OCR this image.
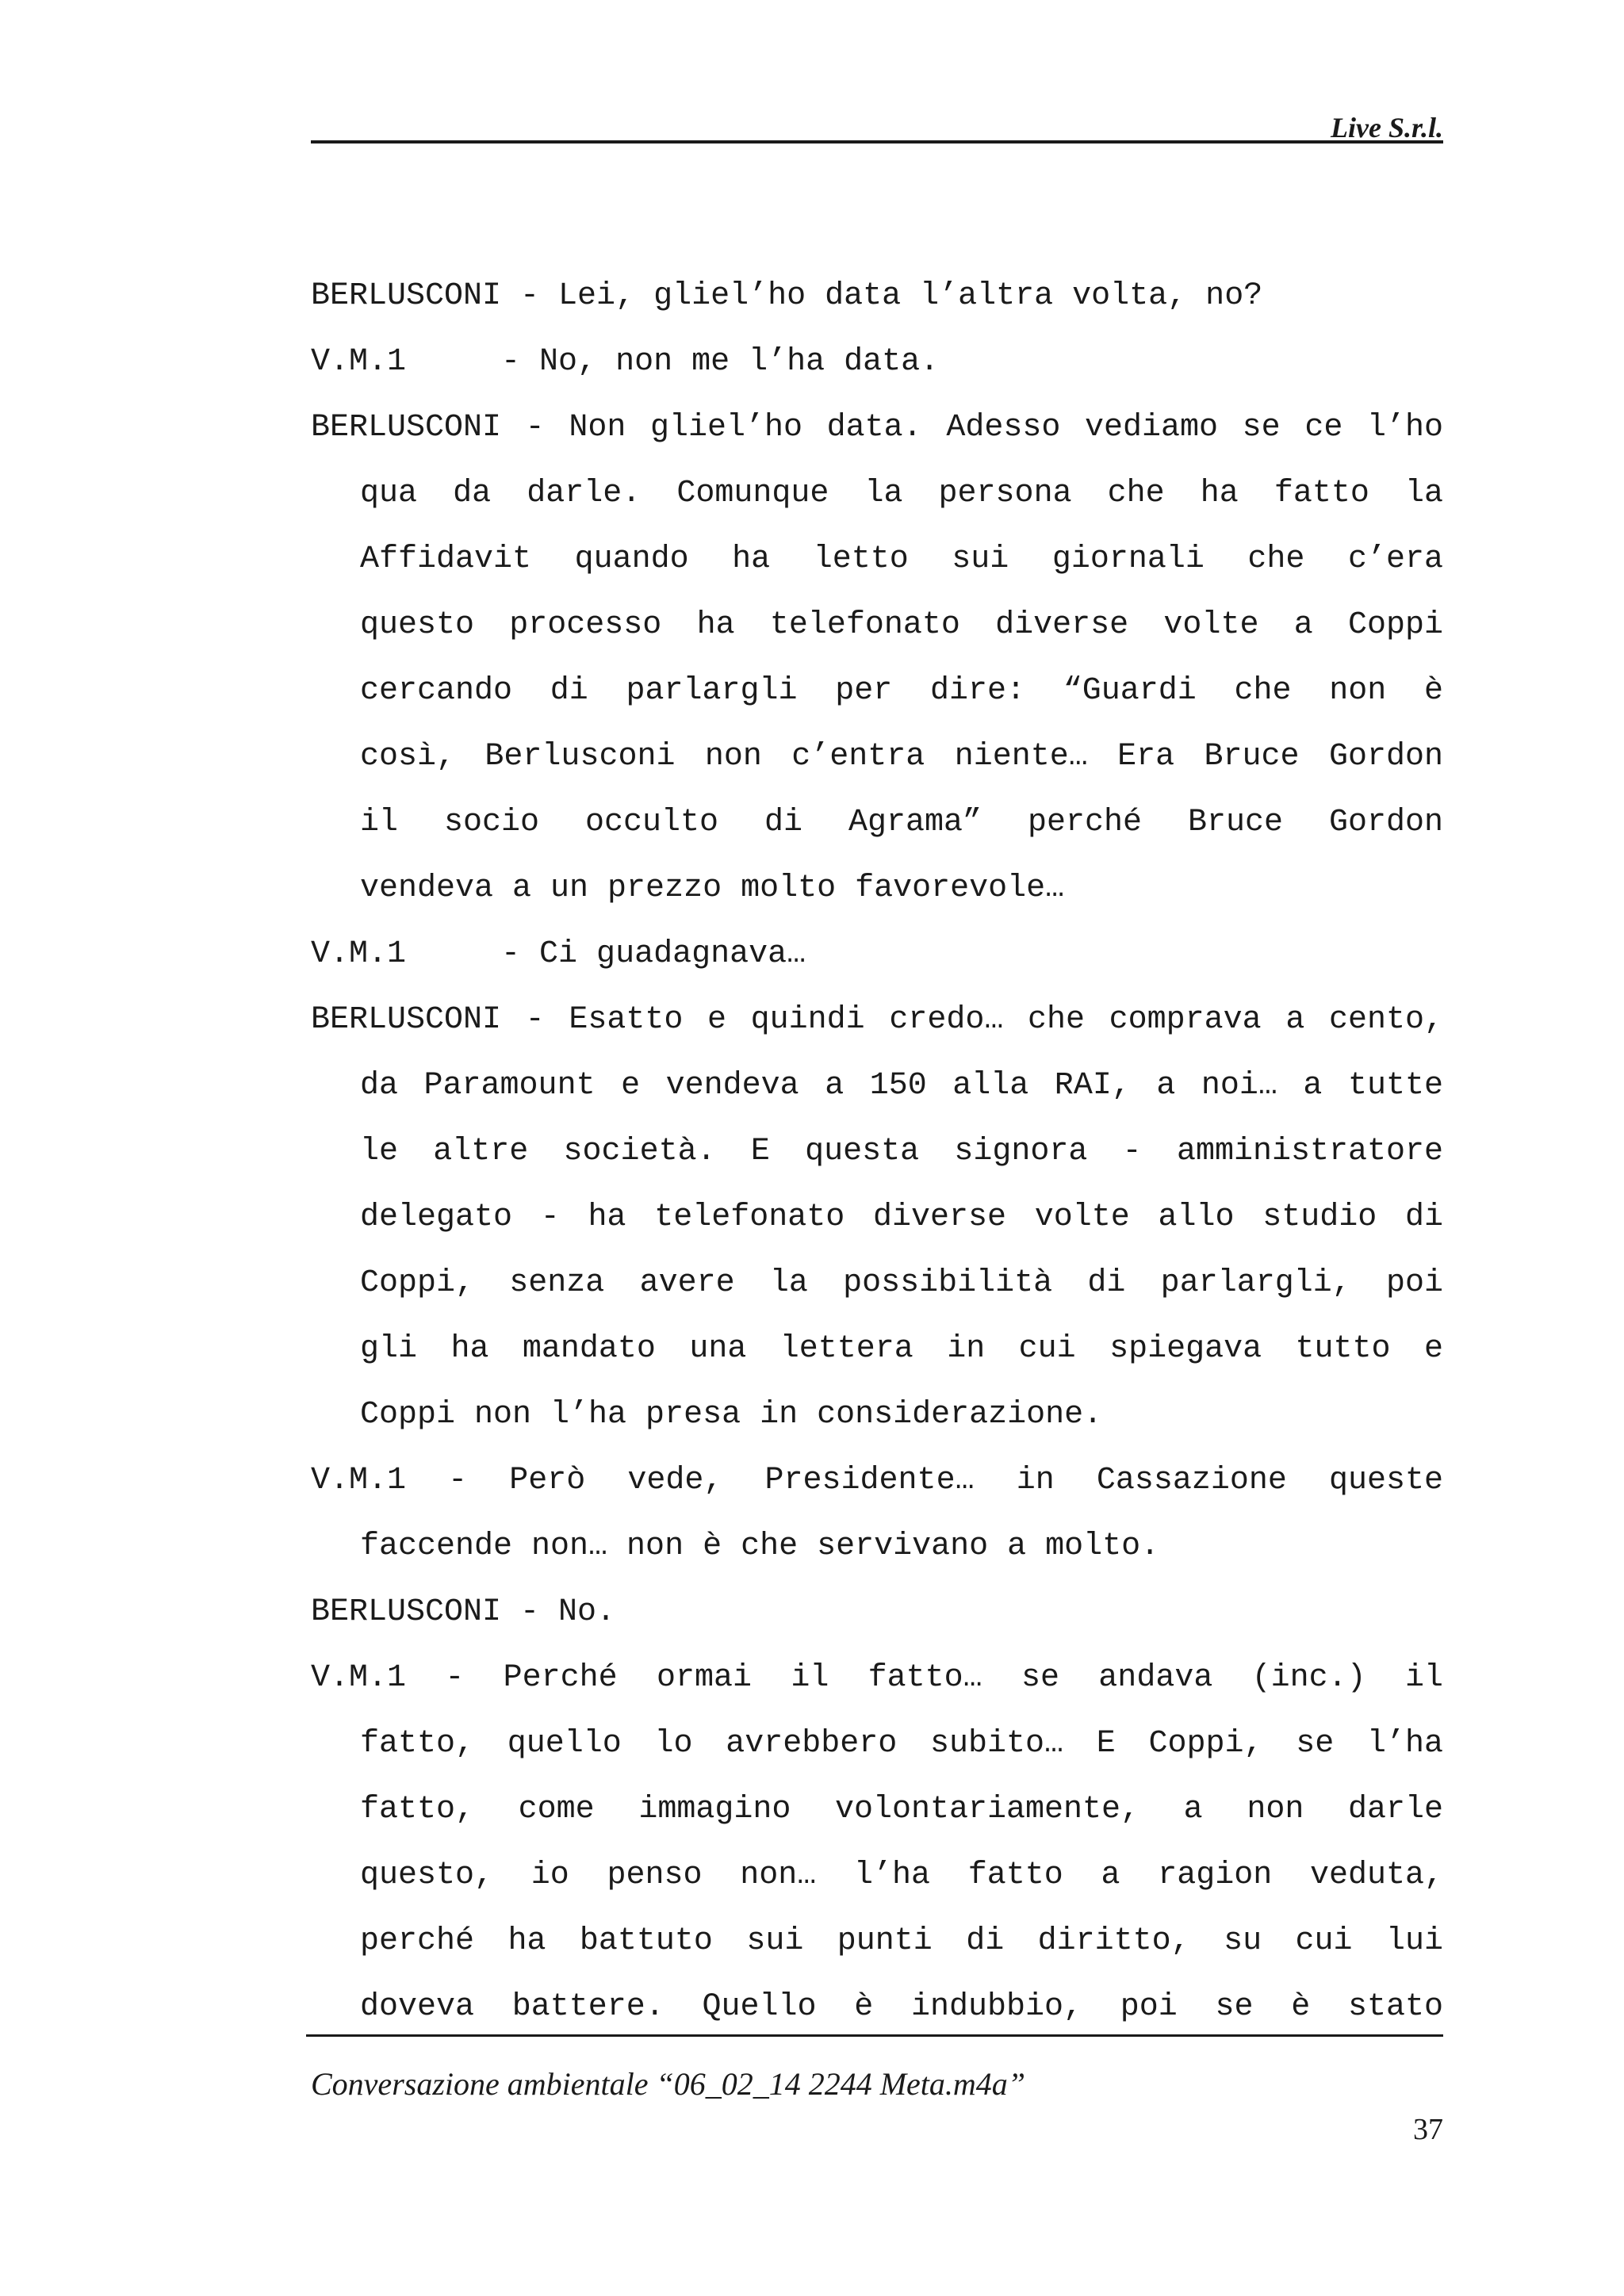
Live S.r.l.
BERLUSCONI - Lei, gliel’ho data l’altra volta, no?
V.M.1     - No, non me l’ha data.
BERLUSCONI - Non gliel’ho data. Adesso vediamo se ce l’ho
qua da darle. Comunque la persona che ha fatto la
Affidavit quando ha letto sui giornali che c’era
questo processo ha telefonato diverse volte a Coppi
cercando di parlargli per dire: “Guardi che non è
così, Berlusconi non c’entra niente… Era Bruce Gordon
il socio occulto di Agrama” perché Bruce Gordon
vendeva a un prezzo molto favorevole…
V.M.1     - Ci guadagnava…
BERLUSCONI - Esatto e quindi credo… che comprava a cento,
da Paramount e vendeva a 150 alla RAI, a noi… a tutte
le altre società. E questa signora - amministratore
delegato - ha telefonato diverse volte allo studio di
Coppi, senza avere la possibilità di parlargli, poi
gli ha mandato una lettera in cui spiegava tutto e
Coppi non l’ha presa in considerazione.
V.M.1 - Però vede, Presidente… in Cassazione queste
faccende non… non è che servivano a molto.
BERLUSCONI - No.
V.M.1 - Perché ormai il fatto… se andava (inc.) il
fatto, quello lo avrebbero subito… E Coppi, se l’ha
fatto, come immagino volontariamente, a non darle
questo, io penso non… l’ha fatto a ragion veduta,
perché ha battuto sui punti di diritto, su cui lui
doveva battere. Quello è indubbio, poi se è stato
Conversazione ambientale “06_02_14 2244 Meta.m4a”
37
